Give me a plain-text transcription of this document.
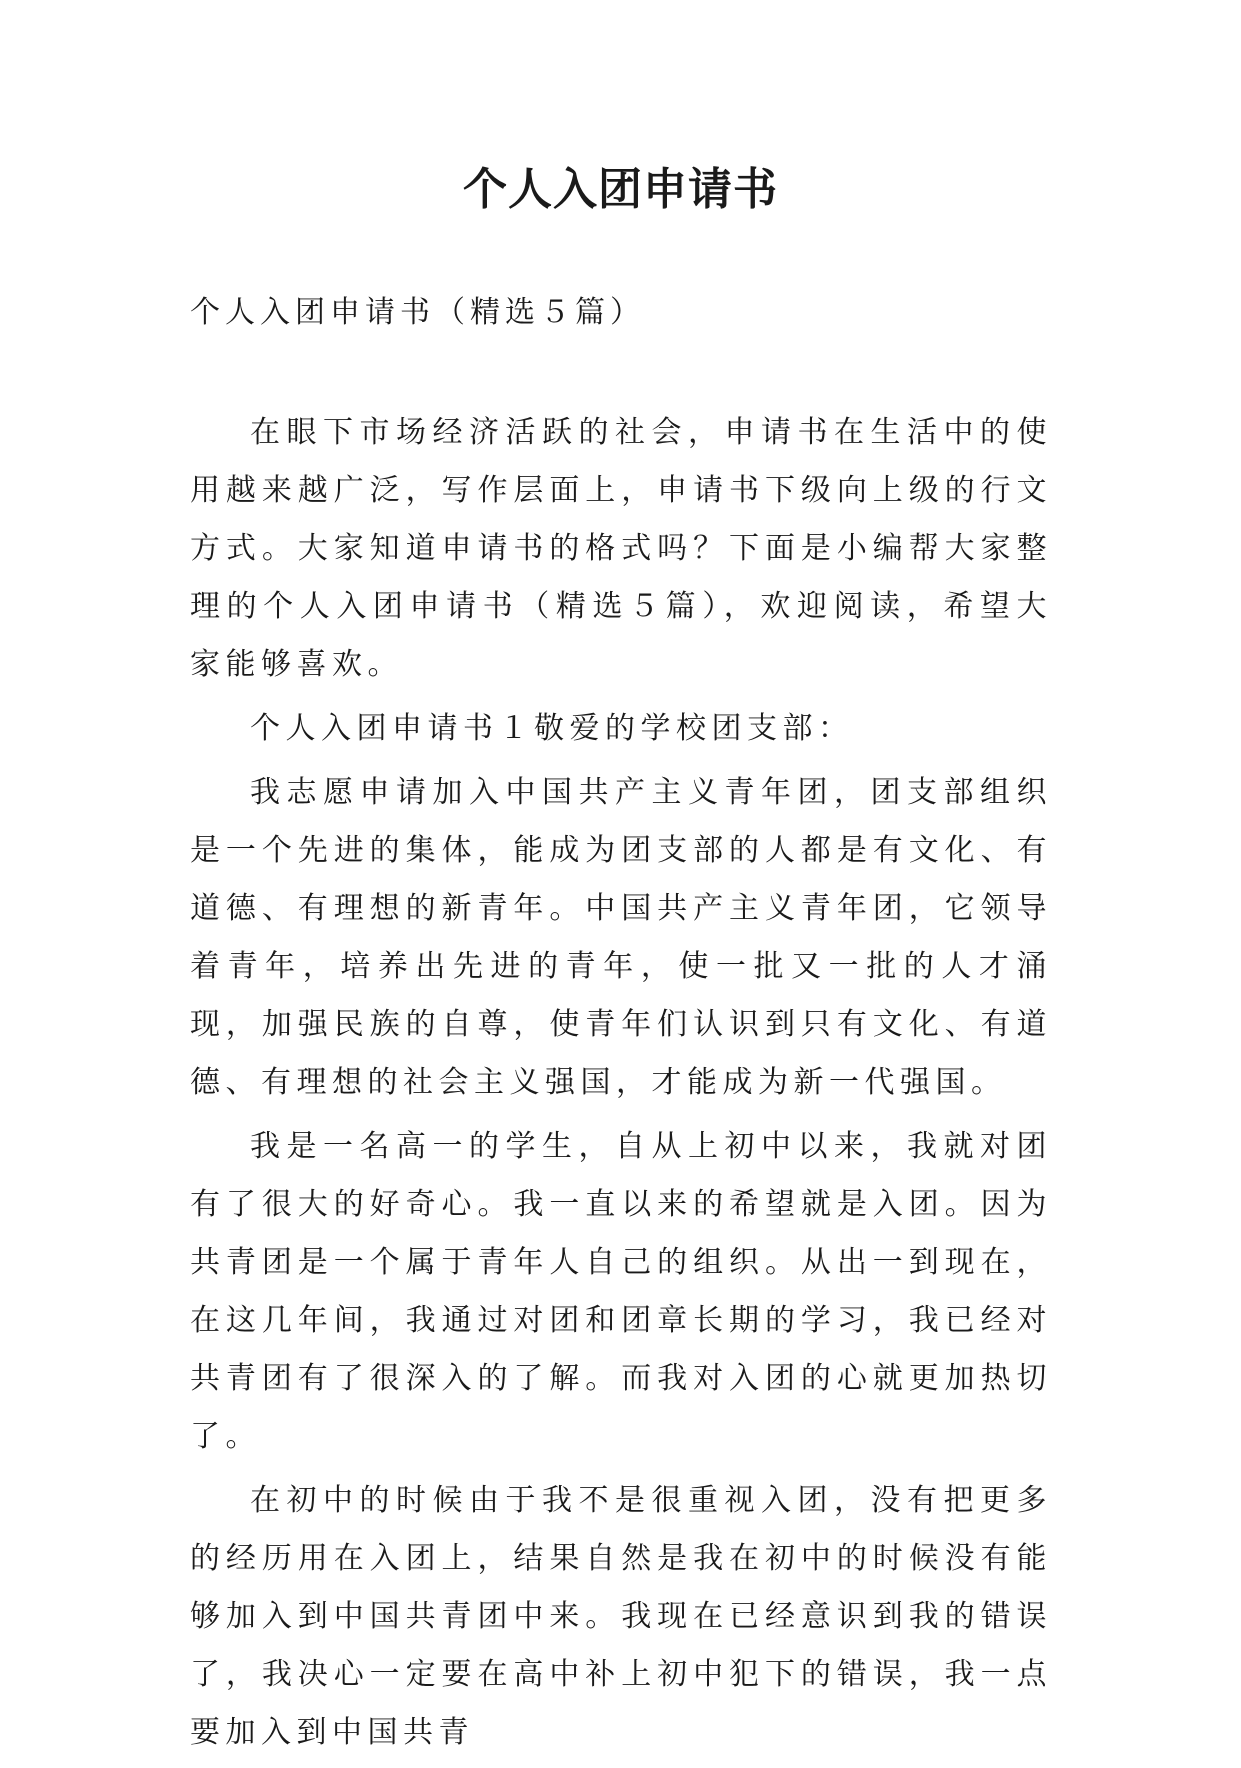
个人入团申请书

个人入团申请书（精选５篇）

在眼下市场经济活跃的社会，申请书在生活中的使用越来越广泛，写作层面上，申请书下级向上级的行文方式。大家知道申请书的格式吗？下面是小编帮大家整理的个人入团申请书（精选５篇），欢迎阅读，希望大家能够喜欢。

个人入团申请书１敬爱的学校团支部：

我志愿申请加入中国共产主义青年团，团支部组织是一个先进的集体，能成为团支部的人都是有文化、有道德、有理想的新青年。中国共产主义青年团，它领导着青年，培养出先进的青年，使一批又一批的人才涌现，加强民族的自尊，使青年们认识到只有文化、有道德、有理想的社会主义强国，才能成为新一代强国。

我是一名高一的学生，自从上初中以来，我就对团有了很大的好奇心。我一直以来的希望就是入团。因为共青团是一个属于青年人自己的组织。从出一到现在，在这几年间，我通过对团和团章长期的学习，我已经对共青团有了很深入的了解。而我对入团的心就更加热切了。

在初中的时候由于我不是很重视入团，没有把更多的经历用在入团上，结果自然是我在初中的时候没有能够加入到中国共青团中来。我现在已经意识到我的错误了，我决心一定要在高中补上初中犯下的错误，我一点要加入到中国共青
